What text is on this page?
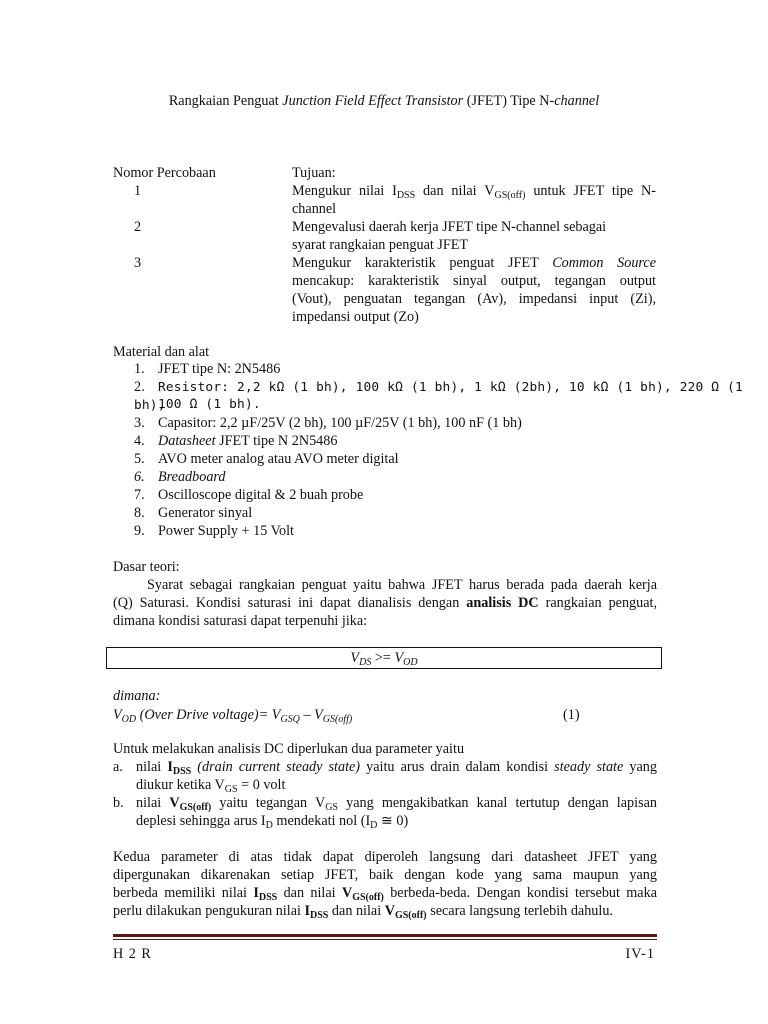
Rangkaian Penguat Junction Field Effect Transistor (JFET) Tipe N-channel
Nomor Percobaan	Tujuan:
1	Mengukur nilai $I_{DSS}$ dan nilai $V_{GS(off)}$ untuk JFET tipe N-
channel
2	Mengevalusi daerah kerja JFET tipe N-channel sebagai
syarat rangkaian penguat JFET
3	Mengukur karakteristik penguat JFET Common Source
mencakup: karakteristik sinyal output, tegangan output
(Vout), penguatan tegangan (Av), impedansi input (Zi),
impedansi output (Zo)
Material dan alat
1. JFET tipe N: 2N5486
2. Resistor: 2,2 kΩ (1 bh), 100 kΩ (1 bh), 1 kΩ (2bh), 10 kΩ (1 bh), 220 Ω (1 bh),
100 Ω (1 bh).
3. Capasitor: 2,2 µF/25V (2 bh), 100 µF/25V (1 bh), 100 nF (1 bh)
4. Datasheet JFET tipe N 2N5486
5. AVO meter analog atau AVO meter digital
6. Breadboard
7. Oscilloscope digital & 2 buah probe
8. Generator sinyal
9. Power Supply + 15 Volt
Dasar teori:
Syarat sebagai rangkaian penguat yaitu bahwa JFET harus berada pada daerah kerja
(Q) Saturasi. Kondisi saturasi ini dapat dianalisis dengan analisis DC rangkaian penguat,
dimana kondisi saturasi dapat terpenuhi jika:
$V_{DS} >= V_{OD}$
dimana:
$V_{OD}$ (Over Drive voltage)= $V_{GSQ} - V_{GS(off)}$	(1)
Untuk melakukan analisis DC diperlukan dua parameter yaitu
a. nilai $I_{DSS}$ (drain current steady state) yaitu arus drain dalam kondisi steady state yang
diukur ketika $V_{GS} = 0$ volt
b. nilai $V_{GS(off)}$ yaitu tegangan $V_{GS}$ yang mengakibatkan kanal tertutup dengan lapisan
deplesi sehingga arus $I_D$ mendekati nol ($I_D$ ≅ 0)
Kedua parameter di atas tidak dapat diperoleh langsung dari datasheet JFET yang
dipergunakan dikarenakan setiap JFET, baik dengan kode yang sama maupun yang
berbeda memiliki nilai $I_{DSS}$ dan nilai $V_{GS(off)}$ berbeda-beda. Dengan kondisi tersebut maka
perlu dilakukan pengukuran nilai $I_{DSS}$ dan nilai $V_{GS(off)}$ secara langsung terlebih dahulu.
H 2 R	IV-1
